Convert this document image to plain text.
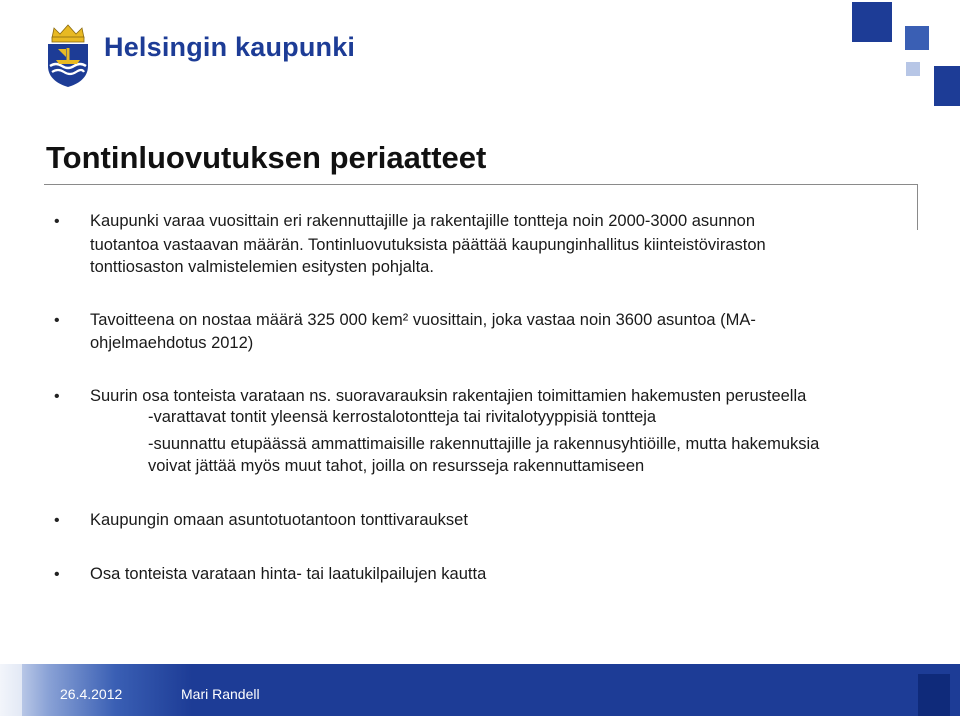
Helsingin kaupunki
Tontinluovutuksen periaatteet
• Kaupunki varaa vuosittain eri rakennuttajille ja rakentajille tontteja noin 2000-3000 asunnon
tuotantoa vastaavan määrän. Tontinluovutuksista päättää kaupunginhallitus kiinteistöviraston
tonttiosaston valmistelemien esitysten pohjalta.
• Tavoitteena on nostaa määrä 325 000 kem² vuosittain, joka vastaa noin 3600 asuntoa (MA-
ohjelmaehdotus 2012)
• Suurin osa tonteista varataan ns. suoravarauksin rakentajien toimittamien hakemusten perusteella
-varattavat tontit yleensä kerrostalotontteja tai rivitalotyyppisiä tontteja
-suunnattu etupäässä ammattimaisille rakennuttajille ja rakennusyhtiöille, mutta hakemuksia
voivat jättää myös muut tahot, joilla on resursseja rakennuttamiseen
• Kaupungin omaan asuntotuotantoon tonttivaraukset
• Osa tonteista varataan hinta- tai laatukilpailujen kautta
26.4.2012	Mari Randell
